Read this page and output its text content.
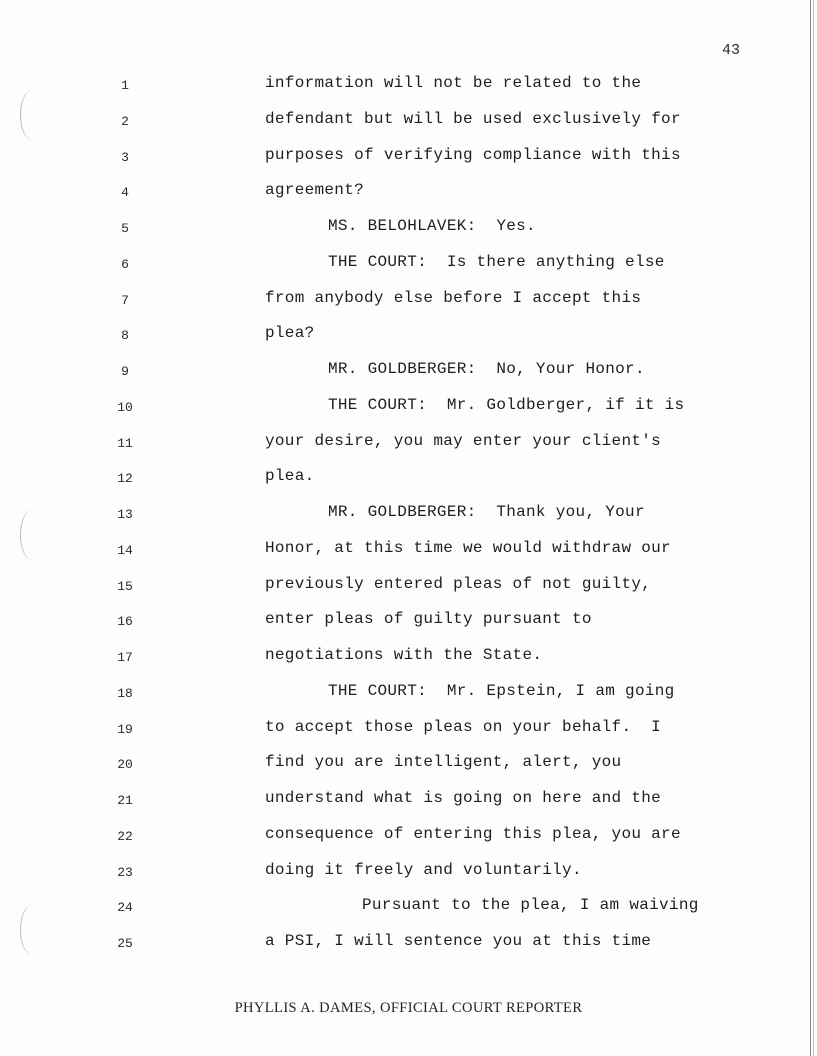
43
1	information will not be related to the
2	defendant but will be used exclusively for
3	purposes of verifying compliance with this
4	agreement?
5	MS. BELOHLAVEK:  Yes.
6	THE COURT:  Is there anything else
7	from anybody else before I accept this
8	plea?
9	MR. GOLDBERGER:  No, Your Honor.
10	THE COURT:  Mr. Goldberger, if it is
11	your desire, you may enter your client's
12	plea.
13	MR. GOLDBERGER:  Thank you, Your
14	Honor, at this time we would withdraw our
15	previously entered pleas of not guilty,
16	enter pleas of guilty pursuant to
17	negotiations with the State.
18	THE COURT:  Mr. Epstein, I am going
19	to accept those pleas on your behalf.  I
20	find you are intelligent, alert, you
21	understand what is going on here and the
22	consequence of entering this plea, you are
23	doing it freely and voluntarily.
24	Pursuant to the plea, I am waiving
25	a PSI, I will sentence you at this time
PHYLLIS A. DAMES, OFFICIAL COURT REPORTER
